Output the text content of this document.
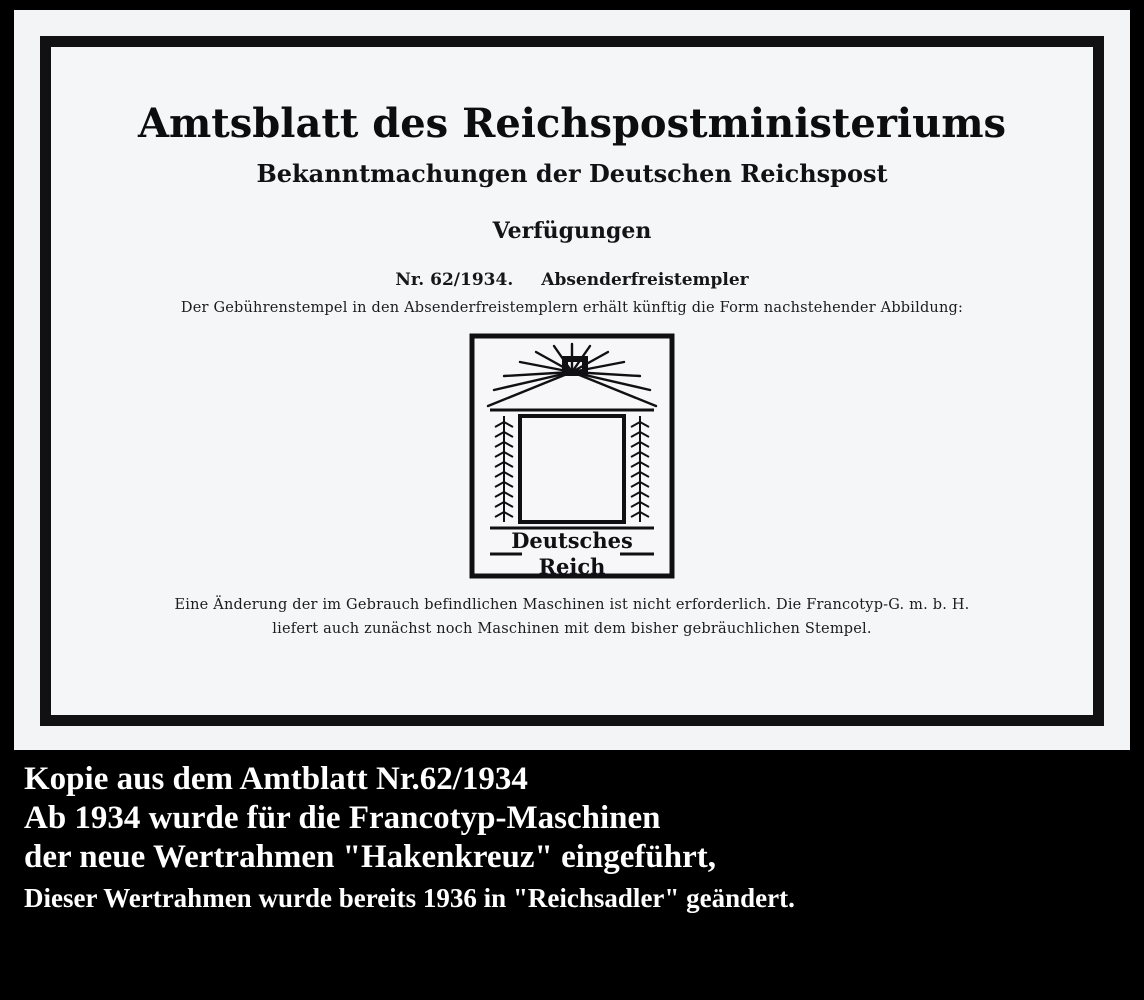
Amtsblatt des Reichspostministeriums
Bekanntmachungen der Deutschen Reichspost
Verfügungen
Nr. 62/1934. Absenderfreistempler
Der Gebührenstempel in den Absenderfreistemplern erhält künftig die Form nachstehender Abbildung:
Deutsches
Reich
Eine Änderung der im Gebrauch befindlichen Maschinen ist nicht erforderlich. Die Francotyp-G. m. b. H.
liefert auch zunächst noch Maschinen mit dem bisher gebräuchlichen Stempel.
Kopie aus dem Amtblatt Nr.62/1934
Ab 1934 wurde für die Francotyp-Maschinen
der neue Wertrahmen "Hakenkreuz" eingeführt,
Dieser Wertrahmen wurde bereits 1936 in "Reichsadler" geändert.
